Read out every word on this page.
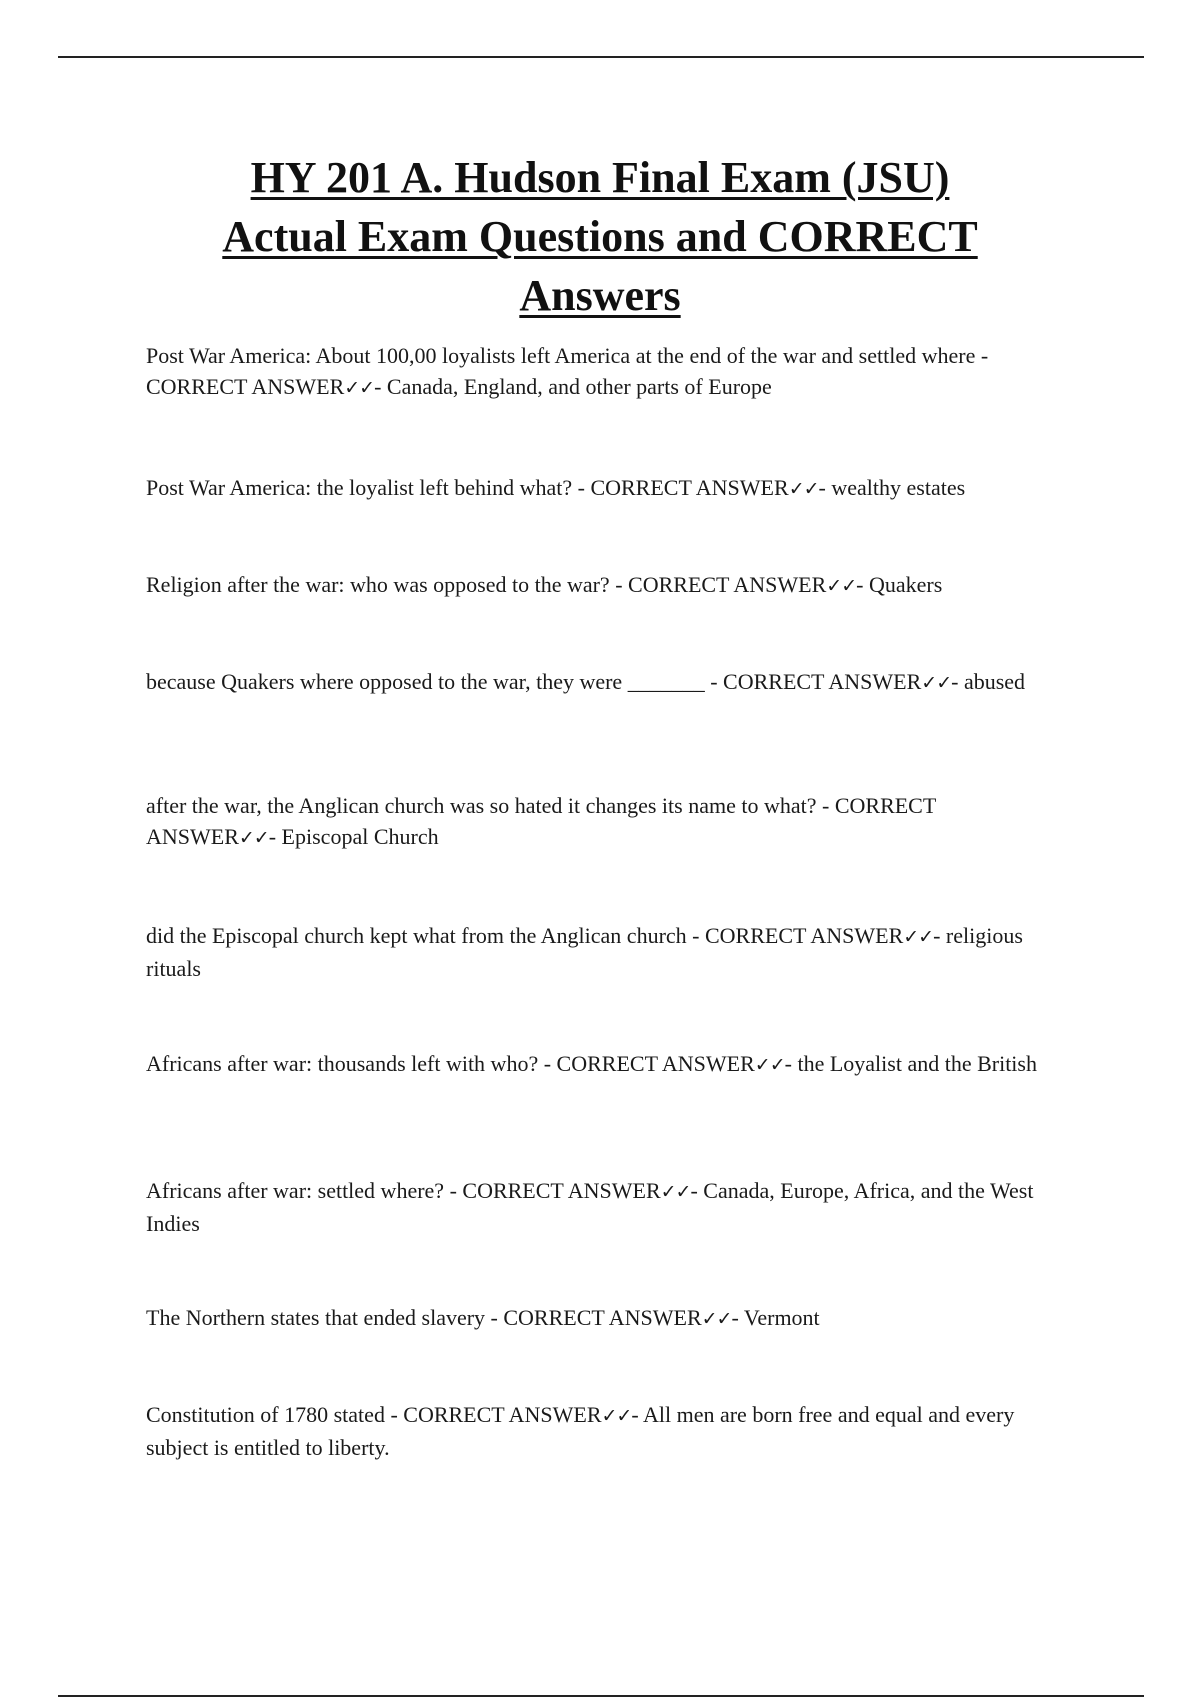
HY 201 A. Hudson Final Exam (JSU)
Actual Exam Questions and CORRECT
Answers

Post War America: About 100,00 loyalists left America at the end of the war and settled where - CORRECT ANSWER✓✓- Canada, England, and other parts of Europe

Post War America: the loyalist left behind what? - CORRECT ANSWER✓✓- wealthy estates

Religion after the war: who was opposed to the war? - CORRECT ANSWER✓✓- Quakers

because Quakers where opposed to the war, they were _______ - CORRECT ANSWER✓✓- abused

after the war, the Anglican church was so hated it changes its name to what? - CORRECT ANSWER✓✓- Episcopal Church

did the Episcopal church kept what from the Anglican church - CORRECT ANSWER✓✓- religious rituals

Africans after war: thousands left with who? - CORRECT ANSWER✓✓- the Loyalist and the British

Africans after war: settled where? - CORRECT ANSWER✓✓- Canada, Europe, Africa, and the West Indies

The Northern states that ended slavery - CORRECT ANSWER✓✓- Vermont

Constitution of 1780 stated - CORRECT ANSWER✓✓- All men are born free and equal and every subject is entitled to liberty.
